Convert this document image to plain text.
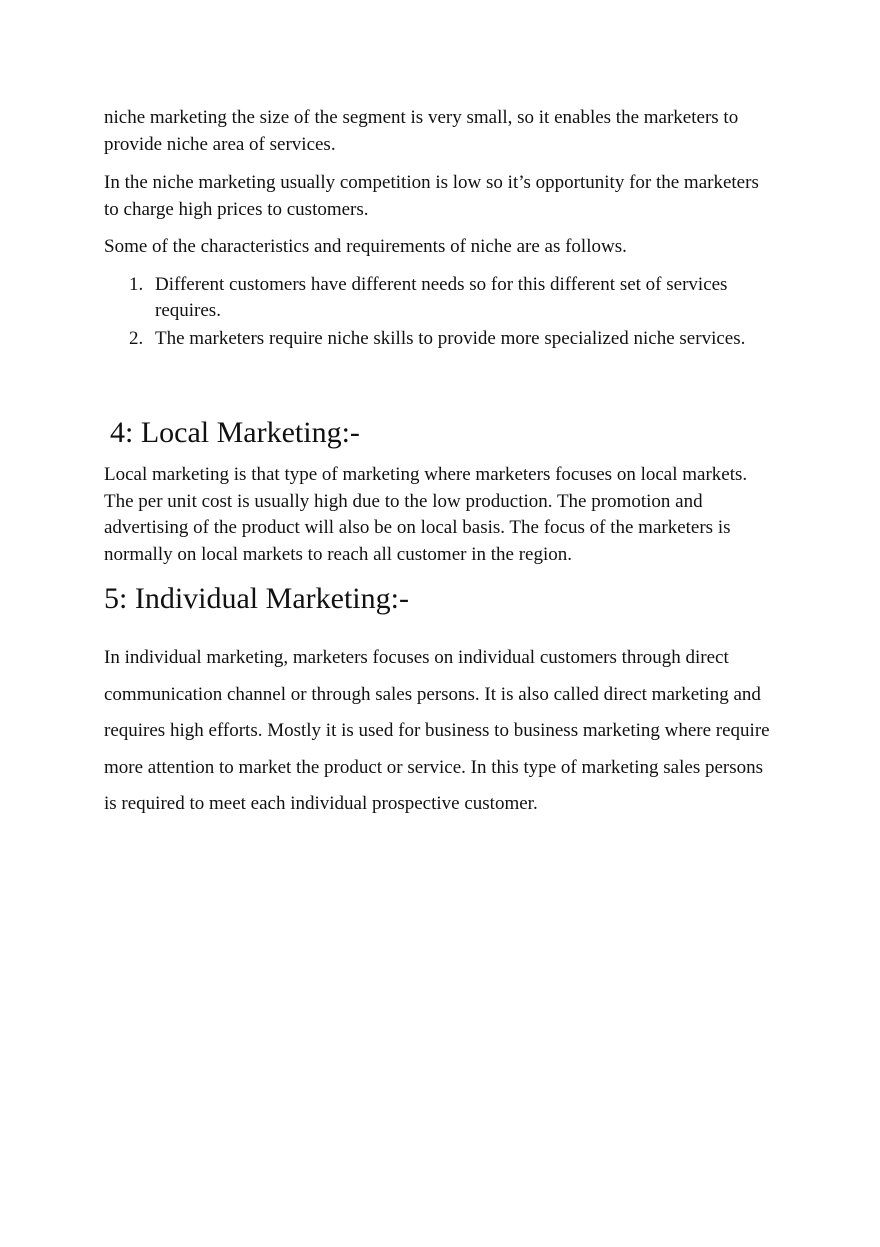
niche marketing the size of the segment is very small, so it enables the marketers to provide niche area of services.

In the niche marketing usually competition is low so it’s opportunity for the marketers to charge high prices to customers.

Some of the characteristics and requirements of niche are as follows.

1. Different customers have different needs so for this different set of services requires.
2. The marketers require niche skills to provide more specialized niche services.
4: Local Marketing:-

Local marketing is that type of marketing where marketers focuses on local markets. The per unit cost is usually high due to the low production. The promotion and advertising of the product will also be on local basis. The focus of the marketers is normally on local markets to reach all customer in the region.

5: Individual Marketing:-

In individual marketing, marketers focuses on individual customers through direct communication channel or through sales persons. It is also called direct marketing and requires high efforts. Mostly it is used for business to business marketing where require more attention to market the product or service. In this type of marketing sales persons is required to meet each individual prospective customer.
